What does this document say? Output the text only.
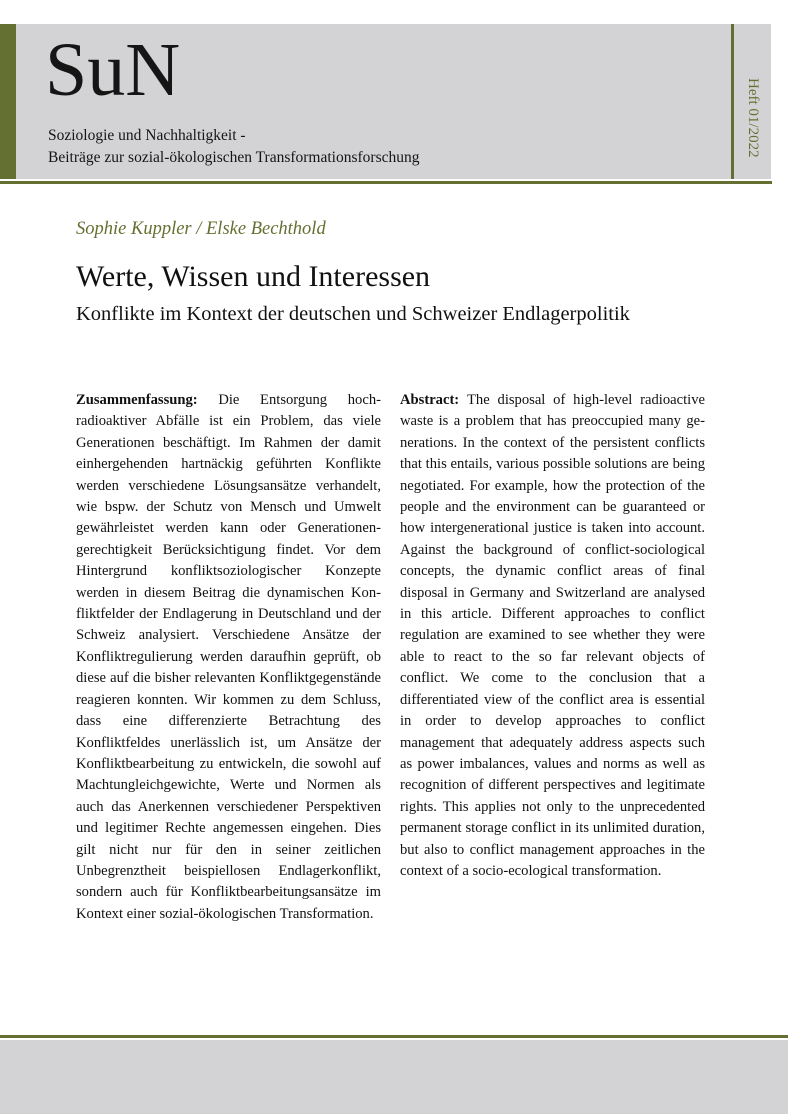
SuN
Soziologie und Nachhaltigkeit -
Beiträge zur sozial-ökologischen Transformationsforschung	Heft 01/2022
Sophie Kuppler / Elske Bechthold
Werte, Wissen und Interessen
Konflikte im Kontext der deutschen und Schweizer Endlagerpolitik
Zusammenfassung: Die Entsorgung hochradioaktiver Abfälle ist ein Problem, das viele Generationen beschäftigt. Im Rahmen der damit einhergehenden hartnäckig geführten Konflikte werden verschiedene Lösungsansätze verhandelt, wie bspw. der Schutz von Mensch und Umwelt gewährleistet werden kann oder Generationengerechtigkeit Berücksichtigung findet. Vor dem Hintergrund konfliktsoziologischer Konzepte werden in diesem Beitrag die dynamischen Konfliktfelder der Endlagerung in Deutschland und der Schweiz analysiert. Verschiedene Ansätze der Konfliktregulierung werden daraufhin geprüft, ob diese auf die bisher relevanten Konfliktgegenstände reagieren konnten. Wir kommen zu dem Schluss, dass eine differenzierte Betrachtung des Konfliktfeldes unerlässlich ist, um Ansätze der Konfliktbearbeitung zu entwickeln, die sowohl auf Machtungleichgewichte, Werte und Normen als auch das Anerkennen verschiedener Perspektiven und legitimer Rechte angemessen eingehen. Dies gilt nicht nur für den in seiner zeitlichen Unbegrenztheit beispiellosen Endlagerkonflikt, sondern auch für Konfliktbearbeitungsansätze im Kontext einer sozial-ökologischen Transformation.
Abstract: The disposal of high-level radioactive waste is a problem that has preoccupied many generations. In the context of the persistent conflicts that this entails, various possible solutions are being negotiated. For example, how the protection of the people and the environment can be guaranteed or how intergenerational justice is taken into account. Against the background of conflict-sociological concepts, the dynamic conflict areas of final disposal in Germany and Switzerland are analysed in this article. Different approaches to conflict regulation are examined to see whether they were able to react to the so far relevant objects of conflict. We come to the conclusion that a differentiated view of the conflict area is essential in order to develop approaches to conflict management that adequately address aspects such as power imbalances, values and norms as well as recognition of different perspectives and legitimate rights. This applies not only to the unprecedented permanent storage conflict in its unlimited duration, but also to conflict management approaches in the context of a socio-ecological transformation.
